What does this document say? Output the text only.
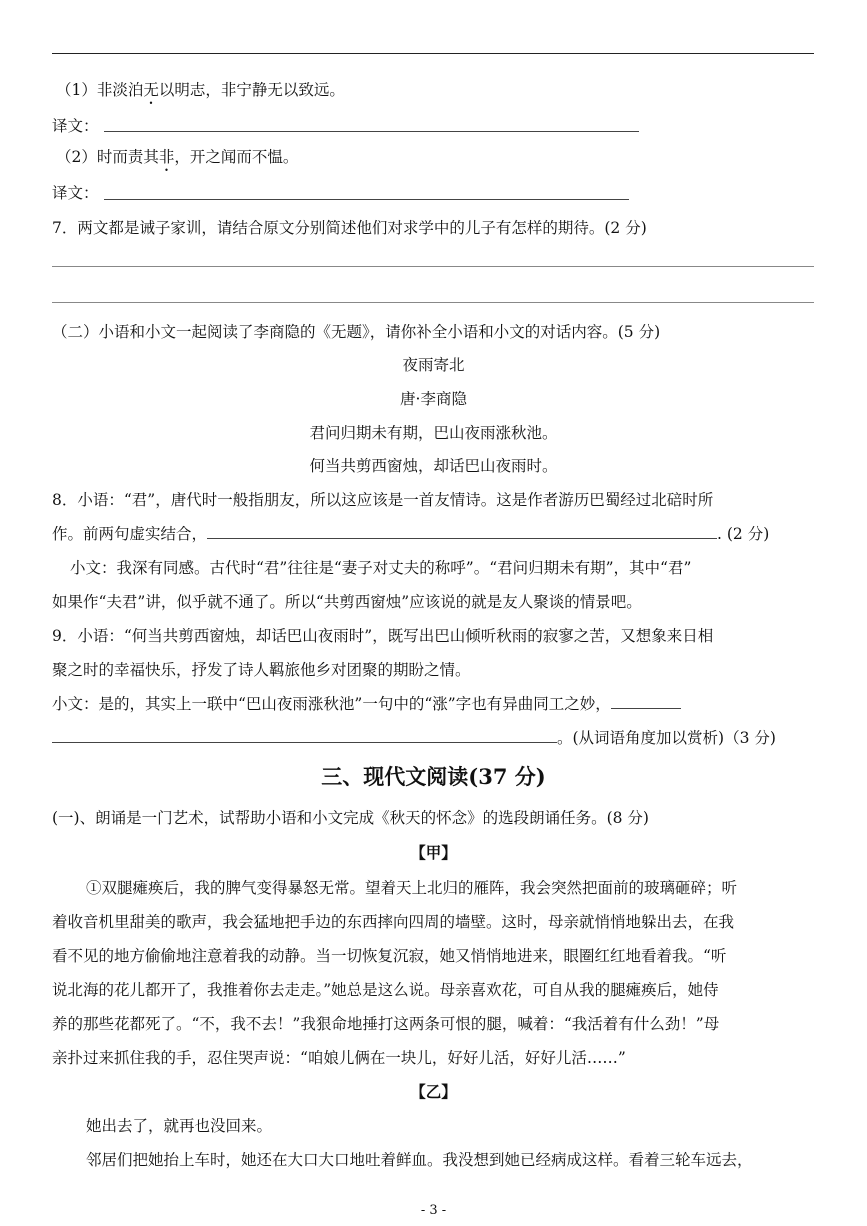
（1）非淡泊无以明志，非宁静无以致远。
译文：
（2）时而责其非，开之闻而不愠。
译文：
7．两文都是诫子家训，请结合原文分别简述他们对求学中的儿子有怎样的期待。(2 分)
（二）小语和小文一起阅读了李商隐的《无题》，请你补全小语和小文的对话内容。(5 分)
夜雨寄北
唐·李商隐
君问归期未有期，巴山夜雨涨秋池。
何当共剪西窗烛，却话巴山夜雨时。
8．小语：“君”，唐代时一般指朋友，所以这应该是一首友情诗。这是作者游历巴蜀经过北碚时所
作。前两句虚实结合，	. (2 分)
小文：我深有同感。古代时“君”往往是“妻子对丈夫的称呼”。“君问归期未有期”，其中“君”
如果作“夫君”讲，似乎就不通了。所以“共剪西窗烛”应该说的就是友人聚谈的情景吧。
9．小语：“何当共剪西窗烛，却话巴山夜雨时”，既写出巴山倾听秋雨的寂寥之苦，又想象来日相
聚之时的幸福快乐，抒发了诗人羁旅他乡对团聚的期盼之情。
小文：是的，其实上一联中“巴山夜雨涨秋池”一句中的“涨”字也有异曲同工之妙，
。(从词语角度加以赏析)（3 分)
三、现代文阅读(37 分)
(一)、朗诵是一门艺术，试帮助小语和小文完成《秋天的怀念》的选段朗诵任务。(8 分)
【甲】
①双腿瘫痪后，我的脾气变得暴怒无常。望着天上北归的雁阵，我会突然把面前的玻璃砸碎；听
着收音机里甜美的歌声，我会猛地把手边的东西摔向四周的墙壁。这时，母亲就悄悄地躲出去，在我
看不见的地方偷偷地注意着我的动静。当一切恢复沉寂，她又悄悄地进来，眼圈红红地看着我。“听
说北海的花儿都开了，我推着你去走走。”她总是这么说。母亲喜欢花，可自从我的腿瘫痪后，她侍
养的那些花都死了。“不，我不去！”我狠命地捶打这两条可恨的腿，喊着：“我活着有什么劲！”母
亲扑过来抓住我的手，忍住哭声说：“咱娘儿俩在一块儿，好好儿活，好好儿活……”
【乙】
她出去了，就再也没回来。
邻居们把她抬上车时，她还在大口大口地吐着鲜血。我没想到她已经病成这样。看着三轮车远去，
- 3 -
